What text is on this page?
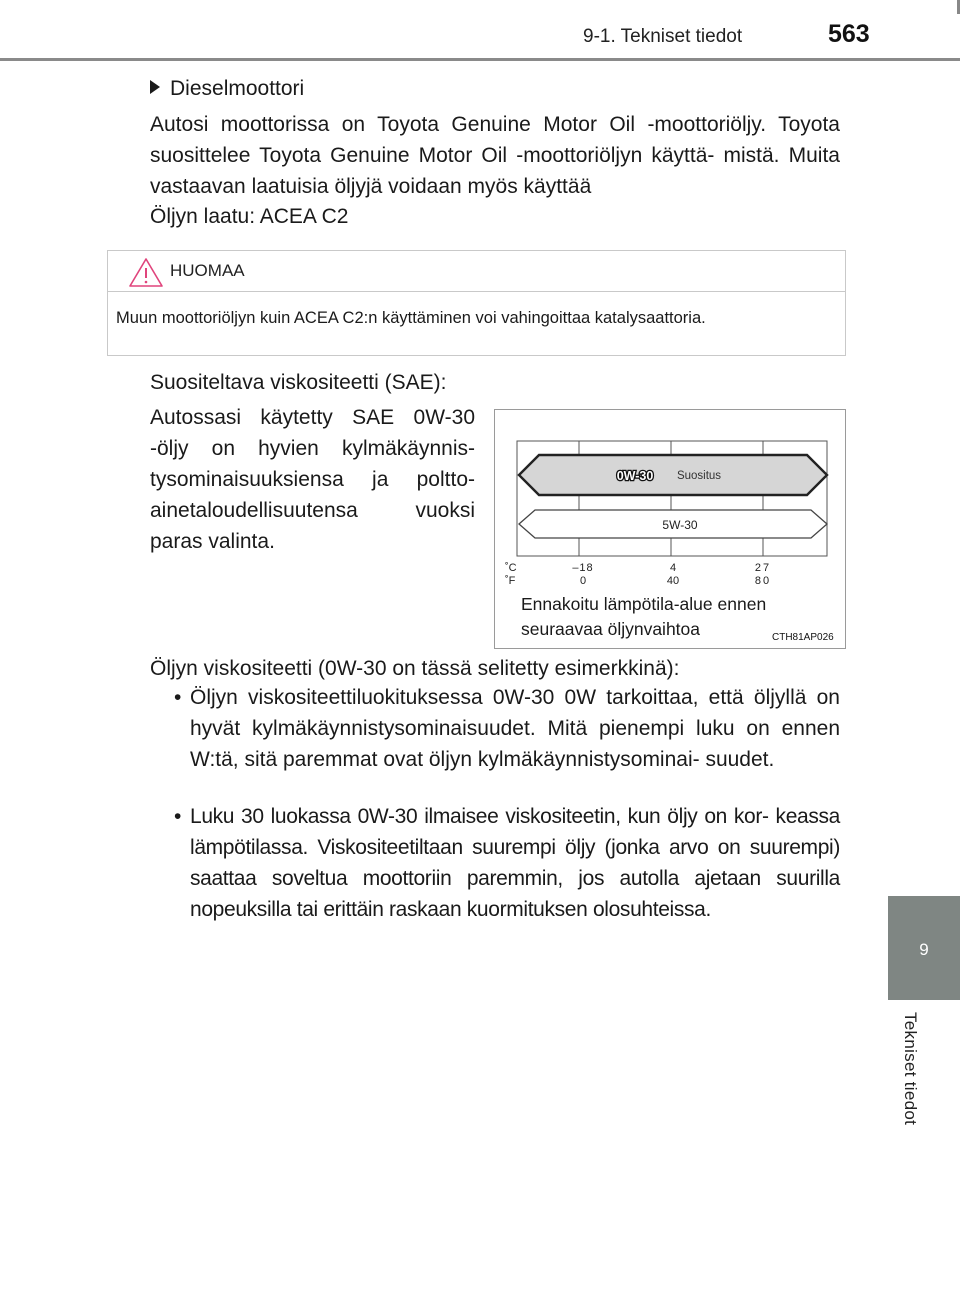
9-1. Tekniset tiedot	563
9
Tekniset tiedot
Dieselmoottori
Autosi moottorissa on Toyota Genuine Motor Oil -moottoriöljy. Toyota suosittelee Toyota Genuine Motor Oil -moottoriöljyn käyttä- mistä. Muita vastaavan laatuisia öljyjä voidaan myös käyttää
Öljyn laatu: ACEA C2
HUOMAA
Muun moottoriöljyn kuin ACEA C2:n käyttäminen voi vahingoittaa katalysaattoria.
Suositeltava viskositeetti (SAE):
Autossasi käytetty SAE 0W-30 -öljy on hyvien kylmäkäynnis- tysominaisuuksiensa ja poltto- ainetaloudellisuutensa vuoksi paras valinta.
0W-30 Suositus
5W-30
˚C
˚F
–18	4	27
0	40	80
Ennakoitu lämpötila-alue ennen seuraavaa öljynvaihtoa	CTH81AP026
Öljyn viskositeetti (0W-30 on tässä selitetty esimerkkinä):
• Öljyn viskositeettiluokituksessa 0W-30 0W tarkoittaa, että öljyllä on hyvät kylmäkäynnistysominaisuudet. Mitä pienempi luku on ennen W:tä, sitä paremmat ovat öljyn kylmäkäynnistysominai- suudet.
• Luku 30 luokassa 0W-30 ilmaisee viskositeetin, kun öljy on kor- keassa lämpötilassa. Viskositeetiltaan suurempi öljy (jonka arvo on suurempi) saattaa soveltua moottoriin paremmin, jos autolla ajetaan suurilla nopeuksilla tai erittäin raskaan kuormituksen olosuhteissa.
